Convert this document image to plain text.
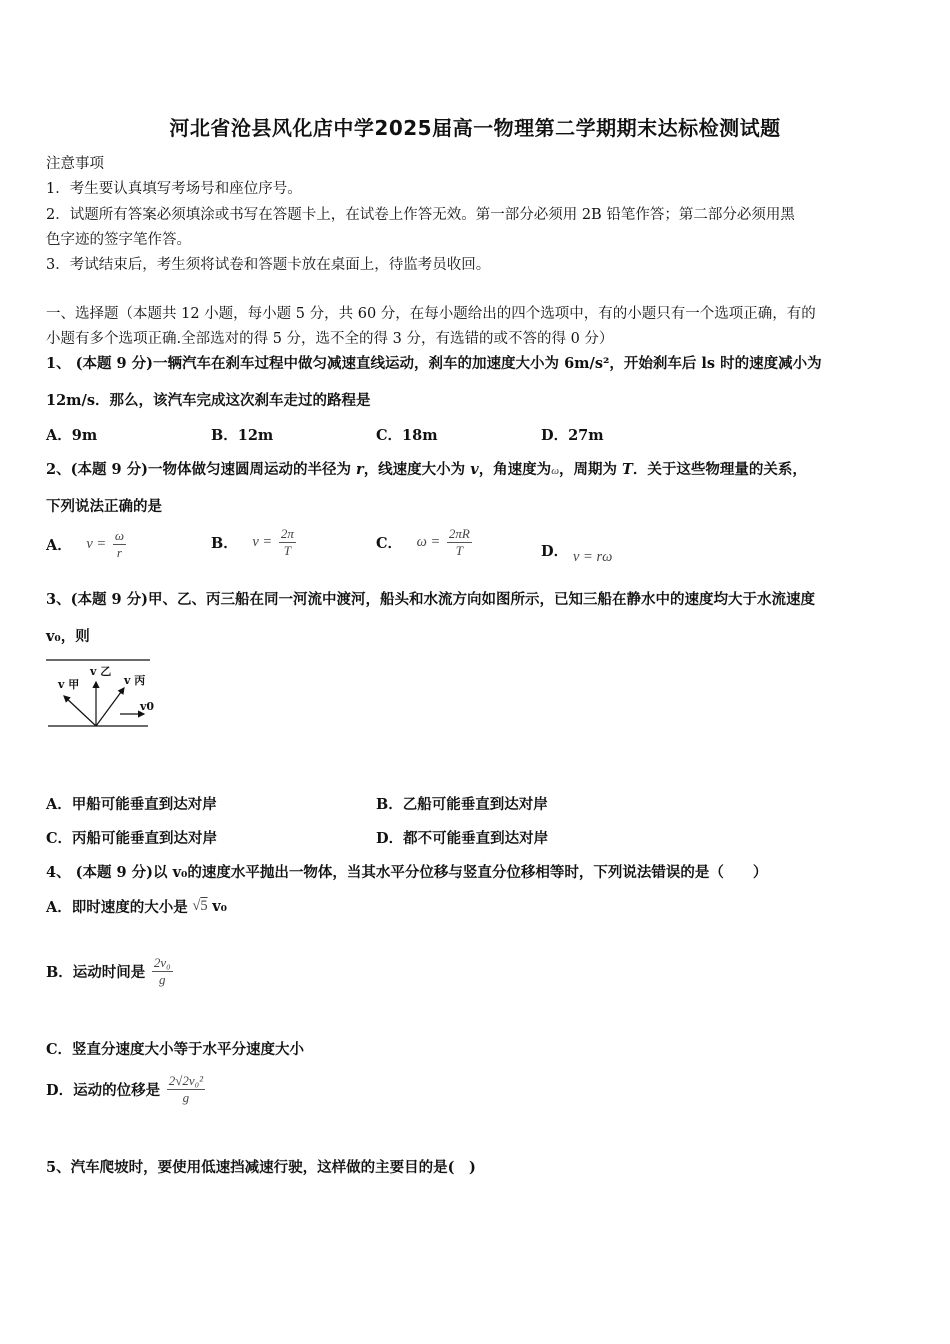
河北省沧县风化店中学2025届高一物理第二学期期末达标检测试题
注意事项
1．考生要认真填写考场号和座位序号。
2．试题所有答案必须填涂或书写在答题卡上，在试卷上作答无效。第一部分必须用 2B 铅笔作答；第二部分必须用黑
色字迹的签字笔作答。
3．考试结束后，考生须将试卷和答题卡放在桌面上，待监考员收回。
一、选择题（本题共 12 小题，每小题 5 分，共 60 分，在每小题给出的四个选项中，有的小题只有一个选项正确，有的
小题有多个选项正确.全部选对的得 5 分，选不全的得 3 分，有选错的或不答的得 0 分）
1、 (本题 9 分)一辆汽车在刹车过程中做匀减速直线运动，刹车的加速度大小为 6m/s²，开始刹车后 ls 时的速度减小为
12m/s．那么，该汽车完成这次刹车走过的路程是
A．9m	B．12m	C．18m	D．27m
2、(本题 9 分)一物体做匀速圆周运动的半径为 r，线速度大小为 v，角速度为ω，周期为 T．关于这些物理量的关系，
下列说法正确的是
A． $v = \frac{\omega}{r}$	B． $v = \frac{2\pi}{T}$	C． $\omega = \frac{2\pi R}{T}$	D． v = rω
3、(本题 9 分)甲、乙、丙三船在同一河流中渡河，船头和水流方向如图所示，已知三船在静水中的速度均大于水流速度
v₀，则
v 甲
v 乙
v 丙
v0
A．甲船可能垂直到达对岸	B．乙船可能垂直到达对岸
C．丙船可能垂直到达对岸	D．都不可能垂直到达对岸
4、 (本题 9 分)以 v₀的速度水平抛出一物体，当其水平分位移与竖直分位移相等时，下列说法错误的是（　　）
A．即时速度的大小是 √5 v₀
B．运动时间是 $\frac{\text{2v₀}}{g}$
C．竖直分速度大小等于水平分速度大小
D．运动的位移是 $\frac{\text{2√2v₀²}}{g}$
5、汽车爬坡时，要使用低速挡减速行驶，这样做的主要目的是(　)
